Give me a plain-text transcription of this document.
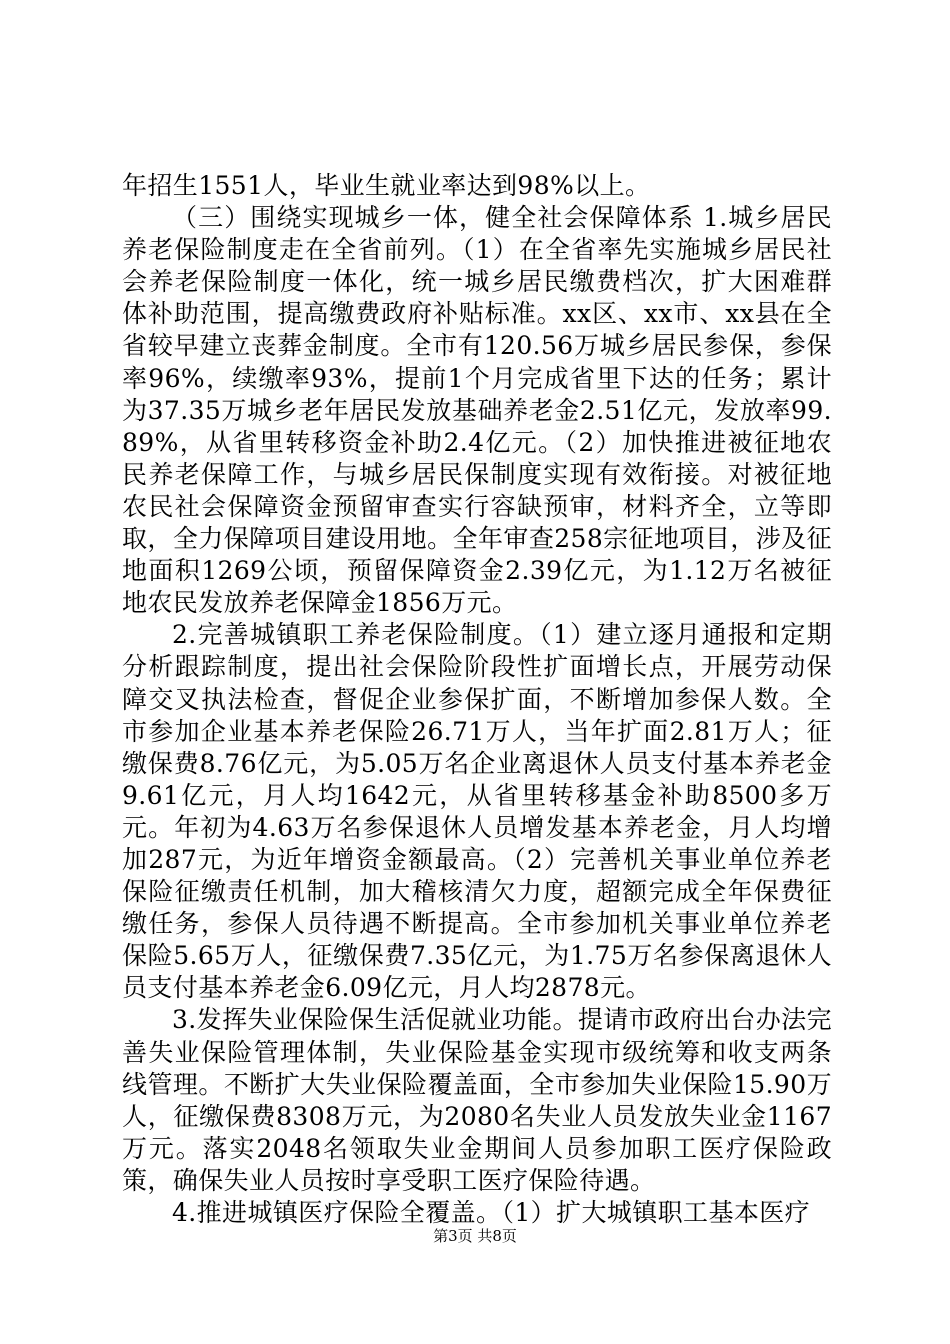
年招生1551人，毕业生就业率达到98%以上。

（三）围绕实现城乡一体，健全社会保障体系 1.城乡居民养老保险制度走在全省前列。（1）在全省率先实施城乡居民社会养老保险制度一体化，统一城乡居民缴费档次，扩大困难群体补助范围，提高缴费政府补贴标准。xx区、xx市、xx县在全省较早建立丧葬金制度。全市有120.56万城乡居民参保，参保率96%，续缴率93%，提前1个月完成省里下达的任务；累计为37.35万城乡老年居民发放基础养老金2.51亿元，发放率99.89%，从省里转移资金补助2.4亿元。（2）加快推进被征地农民养老保障工作，与城乡居民保制度实现有效衔接。对被征地农民社会保障资金预留审查实行容缺预审，材料齐全，立等即取，全力保障项目建设用地。全年审查258宗征地项目，涉及征地面积1269公顷，预留保障资金2.39亿元，为1.12万名被征地农民发放养老保障金1856万元。

2.完善城镇职工养老保险制度。（1）建立逐月通报和定期分析跟踪制度，提出社会保险阶段性扩面增长点，开展劳动保障交叉执法检查，督促企业参保扩面，不断增加参保人数。全市参加企业基本养老保险26.71万人，当年扩面2.81万人；征缴保费8.76亿元，为5.05万名企业离退休人员支付基本养老金9.61亿元，月人均1642元，从省里转移基金补助8500多万元。年初为4.63万名参保退休人员增发基本养老金，月人均增加287元，为近年增资金额最高。（2）完善机关事业单位养老保险征缴责任机制，加大稽核清欠力度，超额完成全年保费征缴任务，参保人员待遇不断提高。全市参加机关事业单位养老保险5.65万人，征缴保费7.35亿元，为1.75万名参保离退休人员支付基本养老金6.09亿元，月人均2878元。

3.发挥失业保险保生活促就业功能。提请市政府出台办法完善失业保险管理体制，失业保险基金实现市级统筹和收支两条线管理。不断扩大失业保险覆盖面，全市参加失业保险15.90万人，征缴保费8308万元，为2080名失业人员发放失业金1167万元。落实2048名领取失业金期间人员参加职工医疗保险政策，确保失业人员按时享受职工医疗保险待遇。

4.推进城镇医疗保险全覆盖。（1）扩大城镇职工基本医疗

第3页 共8页
